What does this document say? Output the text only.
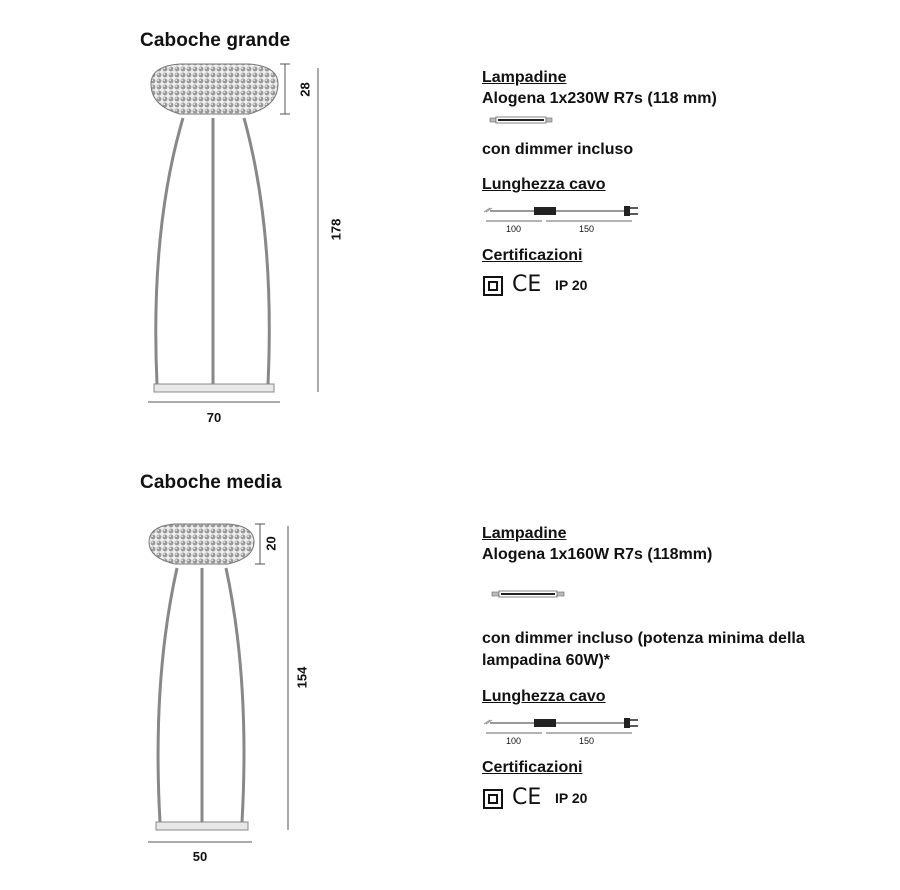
Caboche grande
28
178
70
Lampadine
Alogena 1x230W R7s (118 mm)
con dimmer incluso
Lunghezza cavo
100	150
Certificazioni
CE IP 20
Caboche media
20
154
50
Lampadine
Alogena 1x160W R7s (118mm)
con dimmer incluso (potenza minima della
lampadina 60W)*
Lunghezza cavo
100	150
Certificazioni
CE IP 20
